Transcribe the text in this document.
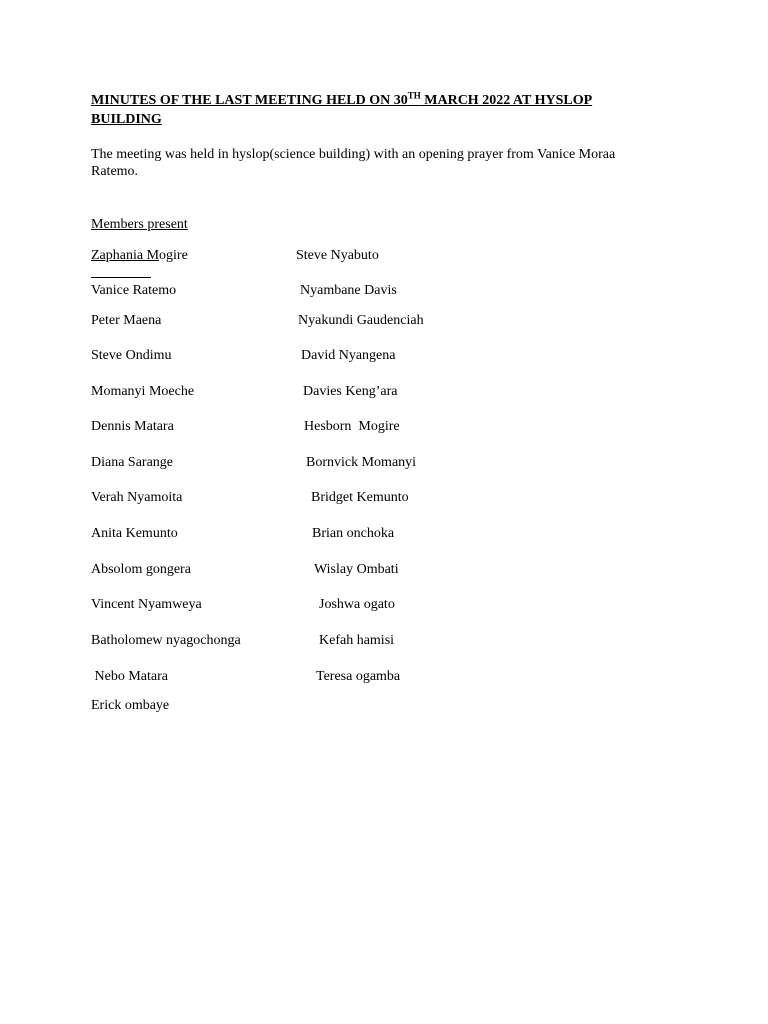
MINUTES OF THE LAST MEETING HELD ON 30TH MARCH 2022 AT HYSLOP BUILDING
The meeting was held in hyslop(science building) with an opening prayer from Vanice Moraa Ratemo.
Members present
Zaphania Mogire	Steve Nyabuto
Vanice Ratemo	Nyambane Davis
Peter Maena	Nyakundi Gaudenciah
Steve Ondimu	David Nyangena
Momanyi Moeche	Davies Keng’ara
Dennis Matara	Hesborn  Mogire
Diana Sarange	Bornvick Momanyi
Verah Nyamoita	Bridget Kemunto
Anita Kemunto	Brian onchoka
Absolom gongera	Wislay Ombati
Vincent Nyamweya	Joshwa ogato
Batholomew nyagochonga	Kefah hamisi
Nebo Matara	Teresa ogamba
Erick ombaye
